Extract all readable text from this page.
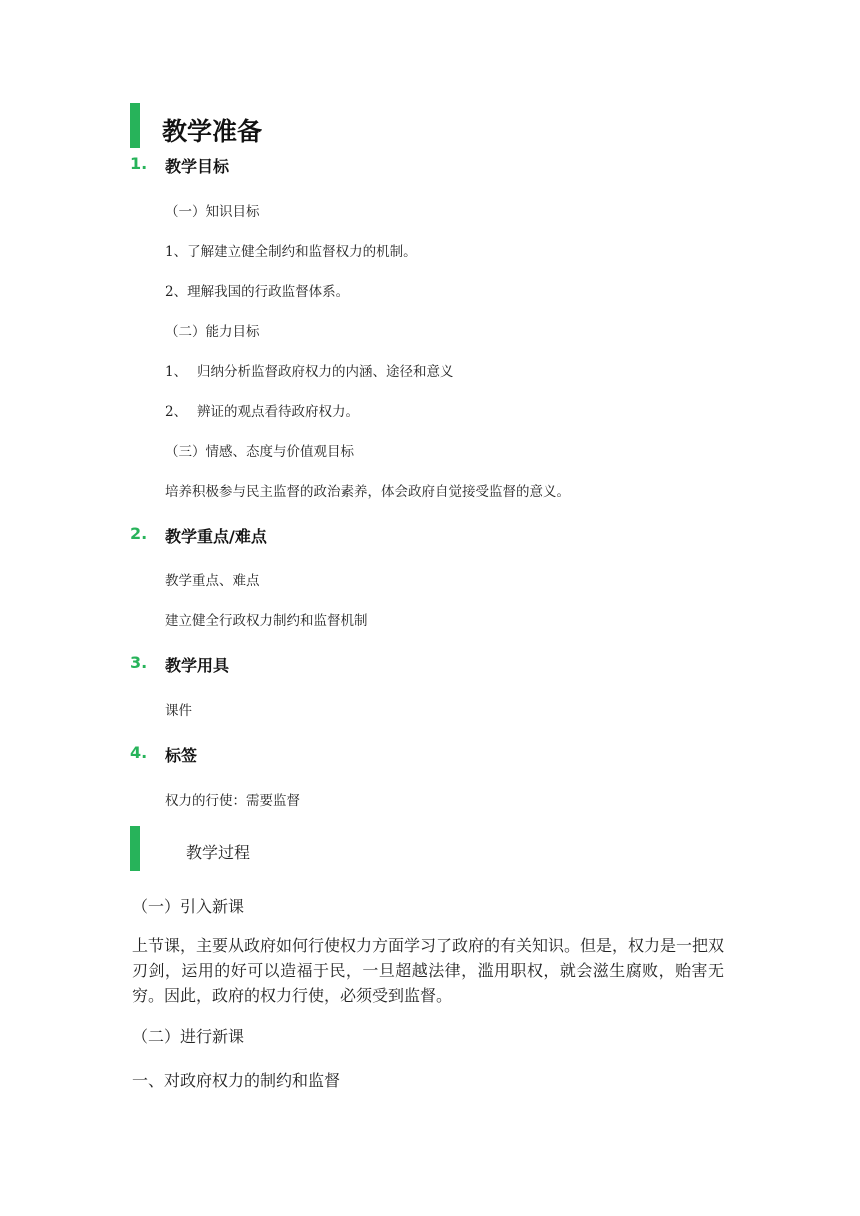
教学准备
1. 教学目标
（一）知识目标
1、了解建立健全制约和监督权力的机制。
2、理解我国的行政监督体系。
（二）能力目标
1、 归纳分析监督政府权力的内涵、途径和意义
2、 辨证的观点看待政府权力。
（三）情感、态度与价值观目标
培养积极参与民主监督的政治素养，体会政府自觉接受监督的意义。
2. 教学重点/难点
教学重点、难点
建立健全行政权力制约和监督机制
3. 教学用具
课件
4. 标签
权力的行使：需要监督
教学过程
（一）引入新课

上节课，主要从政府如何行使权力方面学习了政府的有关知识。但是，权力是一把双刃剑，运用的好可以造福于民，一旦超越法律，滥用职权，就会滋生腐败，贻害无穷。因此，政府的权力行使，必须受到监督。

（二）进行新课
一、对政府权力的制约和监督
